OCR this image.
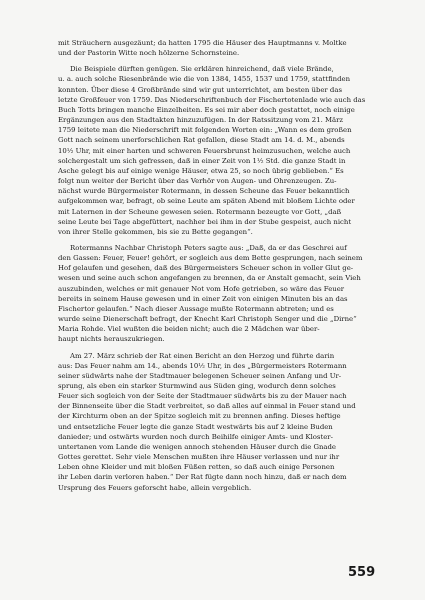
mit Sträuchern ausgezäunt; da hatten 1795 die Häuser des Hauptmanns v. Moltke
und der Pastorin Witte noch hölzerne Schornsteine.
Die Beispiele dürften genügen. Sie erklären hinreichend, daß viele Brände,
u. a. auch solche Riesenbrände wie die von 1384, 1455, 1537 und 1759, stattfinden
konnten. Über diese 4 Großbrände sind wir gut unterrichtet, am besten über das
letzte Großfeuer von 1759. Das Niederschriftenbuch der Fischertotenlade wie auch das
Buch Totts bringen manche Einzelheiten. Es sei mir aber doch gestattet, noch einige
Ergänzungen aus den Stadtakten hinzuzufügen. In der Ratssitzung vom 21. März
1759 leitete man die Niederschrift mit folgenden Worten ein: „Wann es dem großen
Gott nach seinem unerforschlichen Rat gefallen, diese Stadt am 14. d. M., abends
10½ Uhr, mit einer harten und schweren Feuersbrunst heimzusuchen, welche auch
solchergestalt um sich gefressen, daß in einer Zeit von 1½ Std. die ganze Stadt in
Asche gelegt bis auf einige wenige Häuser, etwa 25, so noch übrig geblieben.“ Es
folgt nun weiter der Bericht über das Verhör von Augen- und Ohrenzeugen. Zu-
nächst wurde Bürgermeister Rotermann, in dessen Scheune das Feuer bekanntlich
aufgekommen war, befragt, ob seine Leute am späten Abend mit bloßem Lichte oder
mit Laternen in der Scheune gewesen seien. Rotermann bezeugte vor Gott, „daß
seine Leute bei Tage abgefüttert, nachher bei ihm in der Stube gespeist, auch nicht
von ihrer Stelle gekommen, bis sie zu Bette gegangen“.
Rotermanns Nachbar Christoph Peters sagte aus: „Daß, da er das Geschrei auf
den Gassen: Feuer, Feuer! gehört, er sogleich aus dem Bette gesprungen, nach seinem
Hof gelaufen und gesehen, daß des Bürgermeisters Scheuer schon in voller Glut ge-
wesen und seine auch schon angefangen zu brennen, da er Anstalt gemacht, sein Vieh
auszubinden, welches er mit genauer Not vom Hofe getrieben, so wäre das Feuer
bereits in seinem Hause gewesen und in einer Zeit von einigen Minuten bis an das
Fischertor gelaufen.“ Nach dieser Aussage mußte Rotermann abtreten; und es
wurde seine Dienerschaft befragt, der Knecht Karl Christoph Senger und die „Dirne“
Maria Rohde. Viel wußten die beiden nicht; auch die 2 Mädchen war über-
haupt nichts herauszukriegen.
Am 27. März schrieb der Rat einen Bericht an den Herzog und führte darin
aus: Das Feuer nahm am 14., abends 10½ Uhr, in des „Bürgermeisters Rotermann
seiner südwärts nahe der Stadtmauer belegenen Scheuer seinen Anfang und Ur-
sprung, als eben ein starker Sturmwind aus Süden ging, wodurch denn solches
Feuer sich sogleich von der Seite der Stadtmauer südwärts bis zu der Mauer nach
der Binnenseite über die Stadt verbreitet, so daß alles auf einmal in Feuer stand und
der Kirchturm oben an der Spitze sogleich mit zu brennen anfing. Dieses heftige
und entsetzliche Feuer legte die ganze Stadt westwärts bis auf 2 kleine Buden
danieder; und ostwärts wurden noch durch Beihilfe einiger Amts- und Kloster-
untertanen vom Lande die wenigen annoch stehenden Häuser durch die Gnade
Gottes gerettet. Sehr viele Menschen mußten ihre Häuser verlassen und nur ihr
Leben ohne Kleider und mit bloßen Füßen retten, so daß auch einige Personen
ihr Leben darin verloren haben.“ Der Rat fügte dann noch hinzu, daß er nach dem
Ursprung des Feuers geforscht habe, allein vergeblich.
559
